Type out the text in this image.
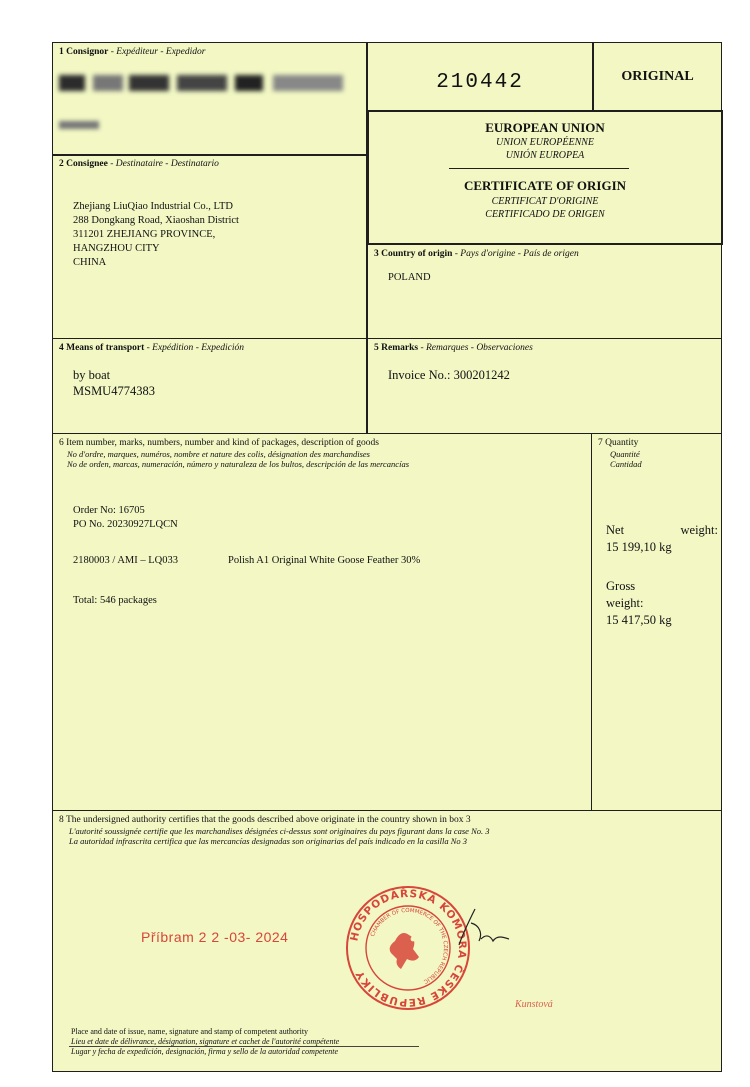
1 Consignor - Expéditeur - Expedidor
210442	ORIGINAL
EUROPEAN UNION
UNION EUROPÉENNE
UNIÓN EUROPEA
CERTIFICATE OF ORIGIN
CERTIFICAT D'ORIGINE
CERTIFICADO DE ORIGEN
2 Consignee - Destinataire - Destinatario
Zhejiang LiuQiao Industrial Co., LTD
288 Dongkang Road, Xiaoshan District
311201 ZHEJIANG PROVINCE,
HANGZHOU CITY
CHINA
3 Country of origin - Pays d'origine - País de origen
POLAND
4 Means of transport - Expédition - Expedición
by boat
MSMU4774383
5 Remarks - Remarques - Observaciones
Invoice No.: 300201242
6 Item number, marks, numbers, number and kind of packages, description of goods
No d'ordre, marques, numéros, nombre et nature des colis, désignation des marchandises
No de orden, marcas, numeración, número y naturaleza de los bultos, descripción de las mercancías
Order No: 16705
PO No. 20230927LQCN
2180003 / AMI – LQ033	Polish A1 Original White Goose Feather 30%
Total: 546 packages
7 Quantity
Quantité
Cantidad
Net	weight:
15 199,10 kg
Gross
weight:
15 417,50 kg
8 The undersigned authority certifies that the goods described above originate in the country shown in box 3
L'autorité soussignée certifie que les marchandises désignées ci-dessus sont originaires du pays figurant dans la case No. 3
La autoridad infrascrita certifica que las mercancías designadas son originarias del país indicado en la casilla No 3
Příbram 2 2 -03- 2024	HOSPODÁŘSKÁ KOMORA ČESKÉ REPUBLIKY
CHAMBER OF COMMERCE OF THE CZECH REPUBLIC
Kunstová
Place and date of issue, name, signature and stamp of competent authority
Lieu et date de délivrance, désignation, signature et cachet de l'autorité compétente
Lugar y fecha de expedición, designación, firma y sello de la autoridad competente
